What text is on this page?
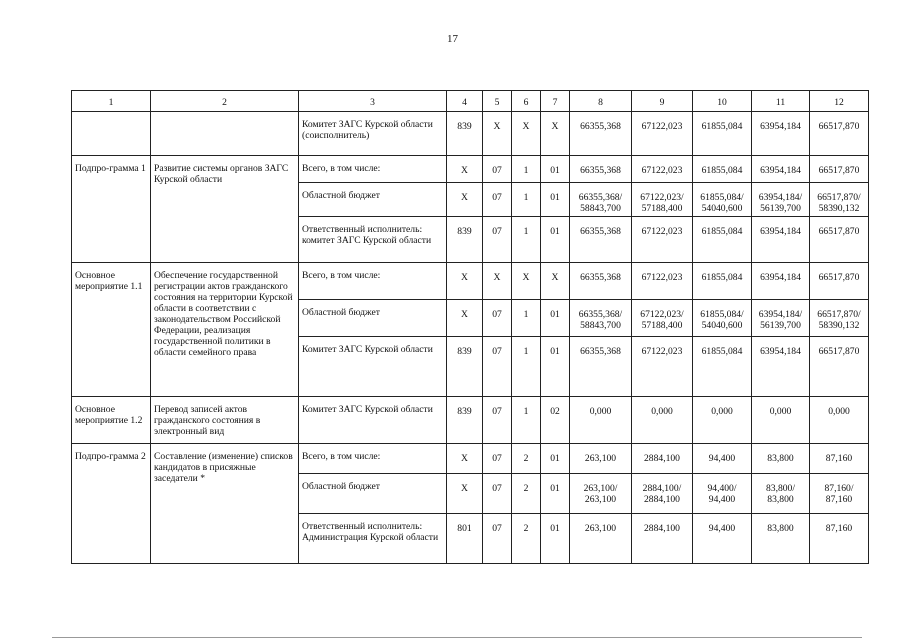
17
1	2	3	4	5	6	7	8	9	10	11	12
		Комитет ЗАГС Курской области (соисполнитель)	839	X	X	X	66355,368	67122,023	61855,084	63954,184	66517,870
Подпро-грамма 1	Развитие системы органов ЗАГС Курской области	Всего, в том числе:	X	07	1	01	66355,368	67122,023	61855,084	63954,184	66517,870
		Областной бюджет	X	07	1	01	66355,368/ 58843,700	67122,023/ 57188,400	61855,084/ 54040,600	63954,184/ 56139,700	66517,870/ 58390,132
		Ответственный исполнитель: комитет ЗАГС Курской области	839	07	1	01	66355,368	67122,023	61855,084	63954,184	66517,870
Основное мероприятие 1.1	Обеспечение государственной регистрации актов гражданского состояния на территории Курской области в соответствии с законодательством Российской Федерации, реализация государственной политики в области семейного права	Всего, в том числе:	X	X	X	X	66355,368	67122,023	61855,084	63954,184	66517,870
		Областной бюджет	X	07	1	01	66355,368/ 58843,700	67122,023/ 57188,400	61855,084/ 54040,600	63954,184/ 56139,700	66517,870/ 58390,132
		Комитет ЗАГС Курской области	839	07	1	01	66355,368	67122,023	61855,084	63954,184	66517,870
Основное мероприятие 1.2	Перевод записей актов гражданского состояния в электронный вид	Комитет ЗАГС Курской области	839	07	1	02	0,000	0,000	0,000	0,000	0,000
Подпро-грамма 2	Составление (изменение) списков кандидатов в присяжные заседатели *	Всего, в том числе:	X	07	2	01	263,100	2884,100	94,400	83,800	87,160
		Областной бюджет	X	07	2	01	263,100/ 263,100	2884,100/ 2884,100	94,400/ 94,400	83,800/ 83,800	87,160/ 87,160
		Ответственный исполнитель: Администрация Курской области	801	07	2	01	263,100	2884,100	94,400	83,800	87,160
